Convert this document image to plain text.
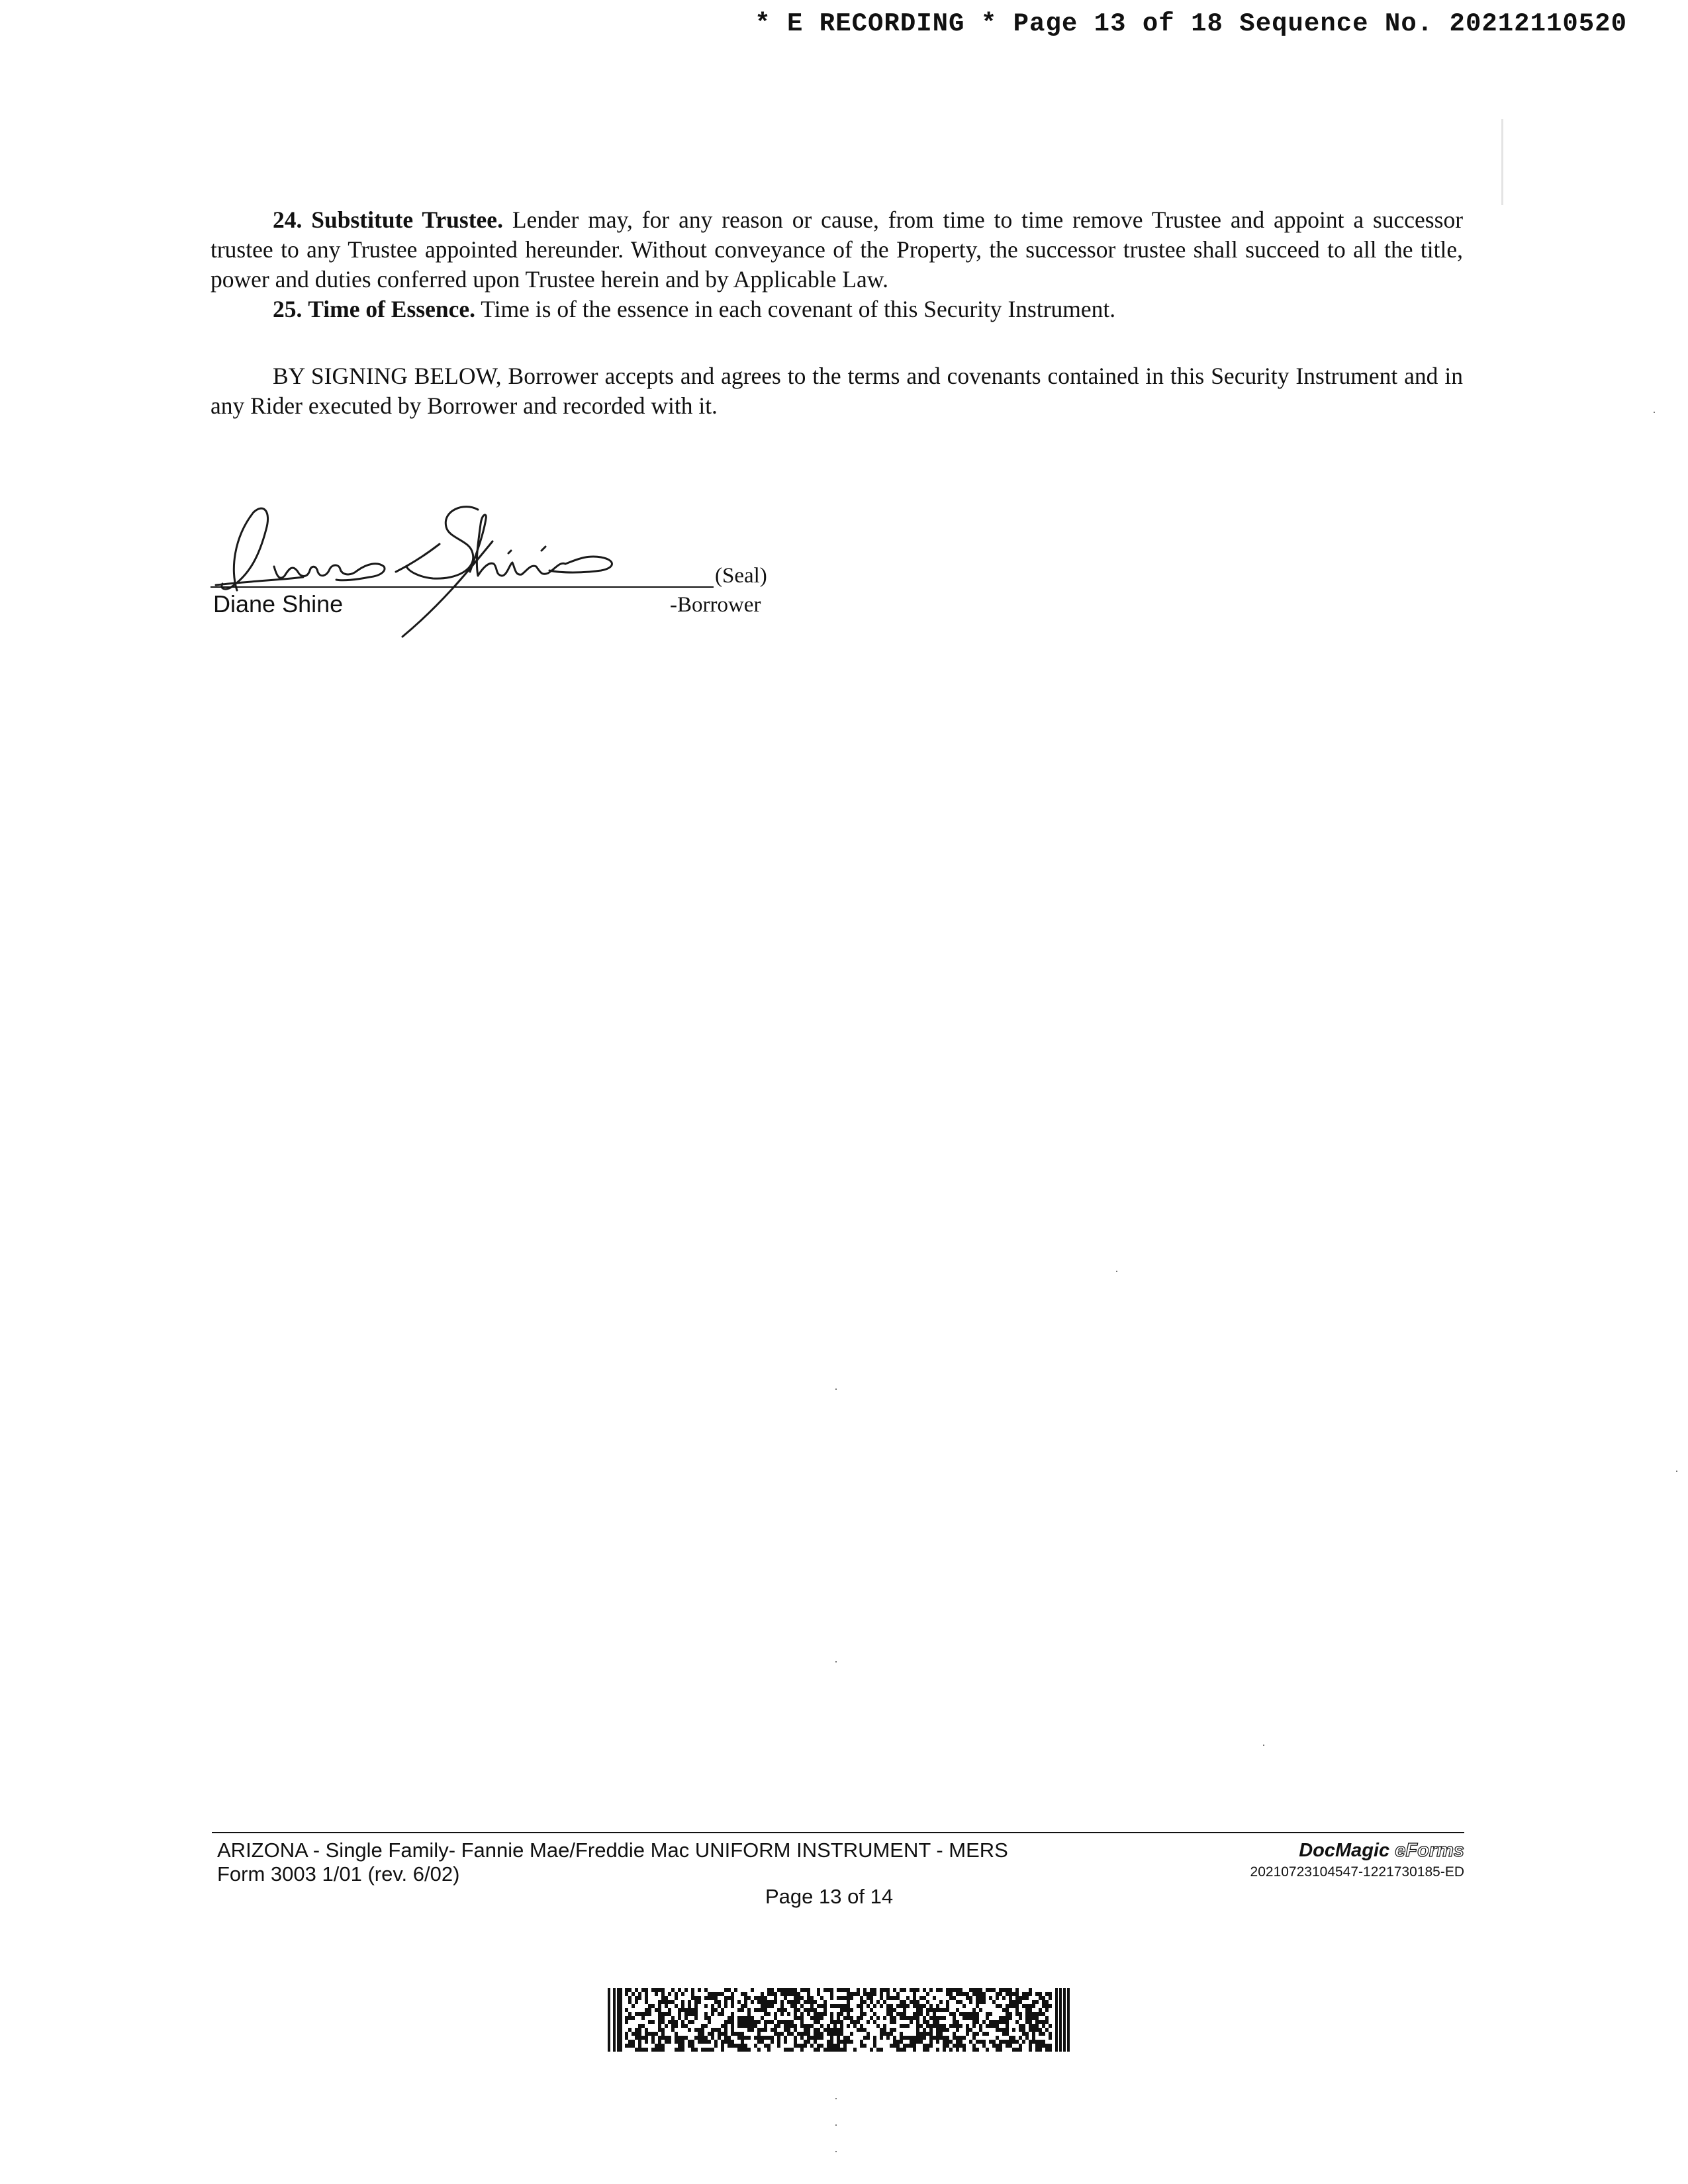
* E RECORDING * Page 13 of 18 Sequence No. 20212110520

24. Substitute Trustee. Lender may, for any reason or cause, from time to time remove Trustee and appoint a successor trustee to any Trustee appointed hereunder. Without conveyance of the Property, the successor trustee shall succeed to all the title, power and duties conferred upon Trustee herein and by Applicable Law.

25. Time of Essence. Time is of the essence in each covenant of this Security Instrument.

BY SIGNING BELOW, Borrower accepts and agrees to the terms and covenants contained in this Security Instrument and in any Rider executed by Borrower and recorded with it.

(Seal)
Diane Shine	-Borrower
ARIZONA - Single Family- Fannie Mae/Freddie Mac UNIFORM INSTRUMENT - MERS
Form 3003 1/01 (rev. 6/02)
Page 13 of 14
DocMagic eForms
20210723104547-1221730185-ED
